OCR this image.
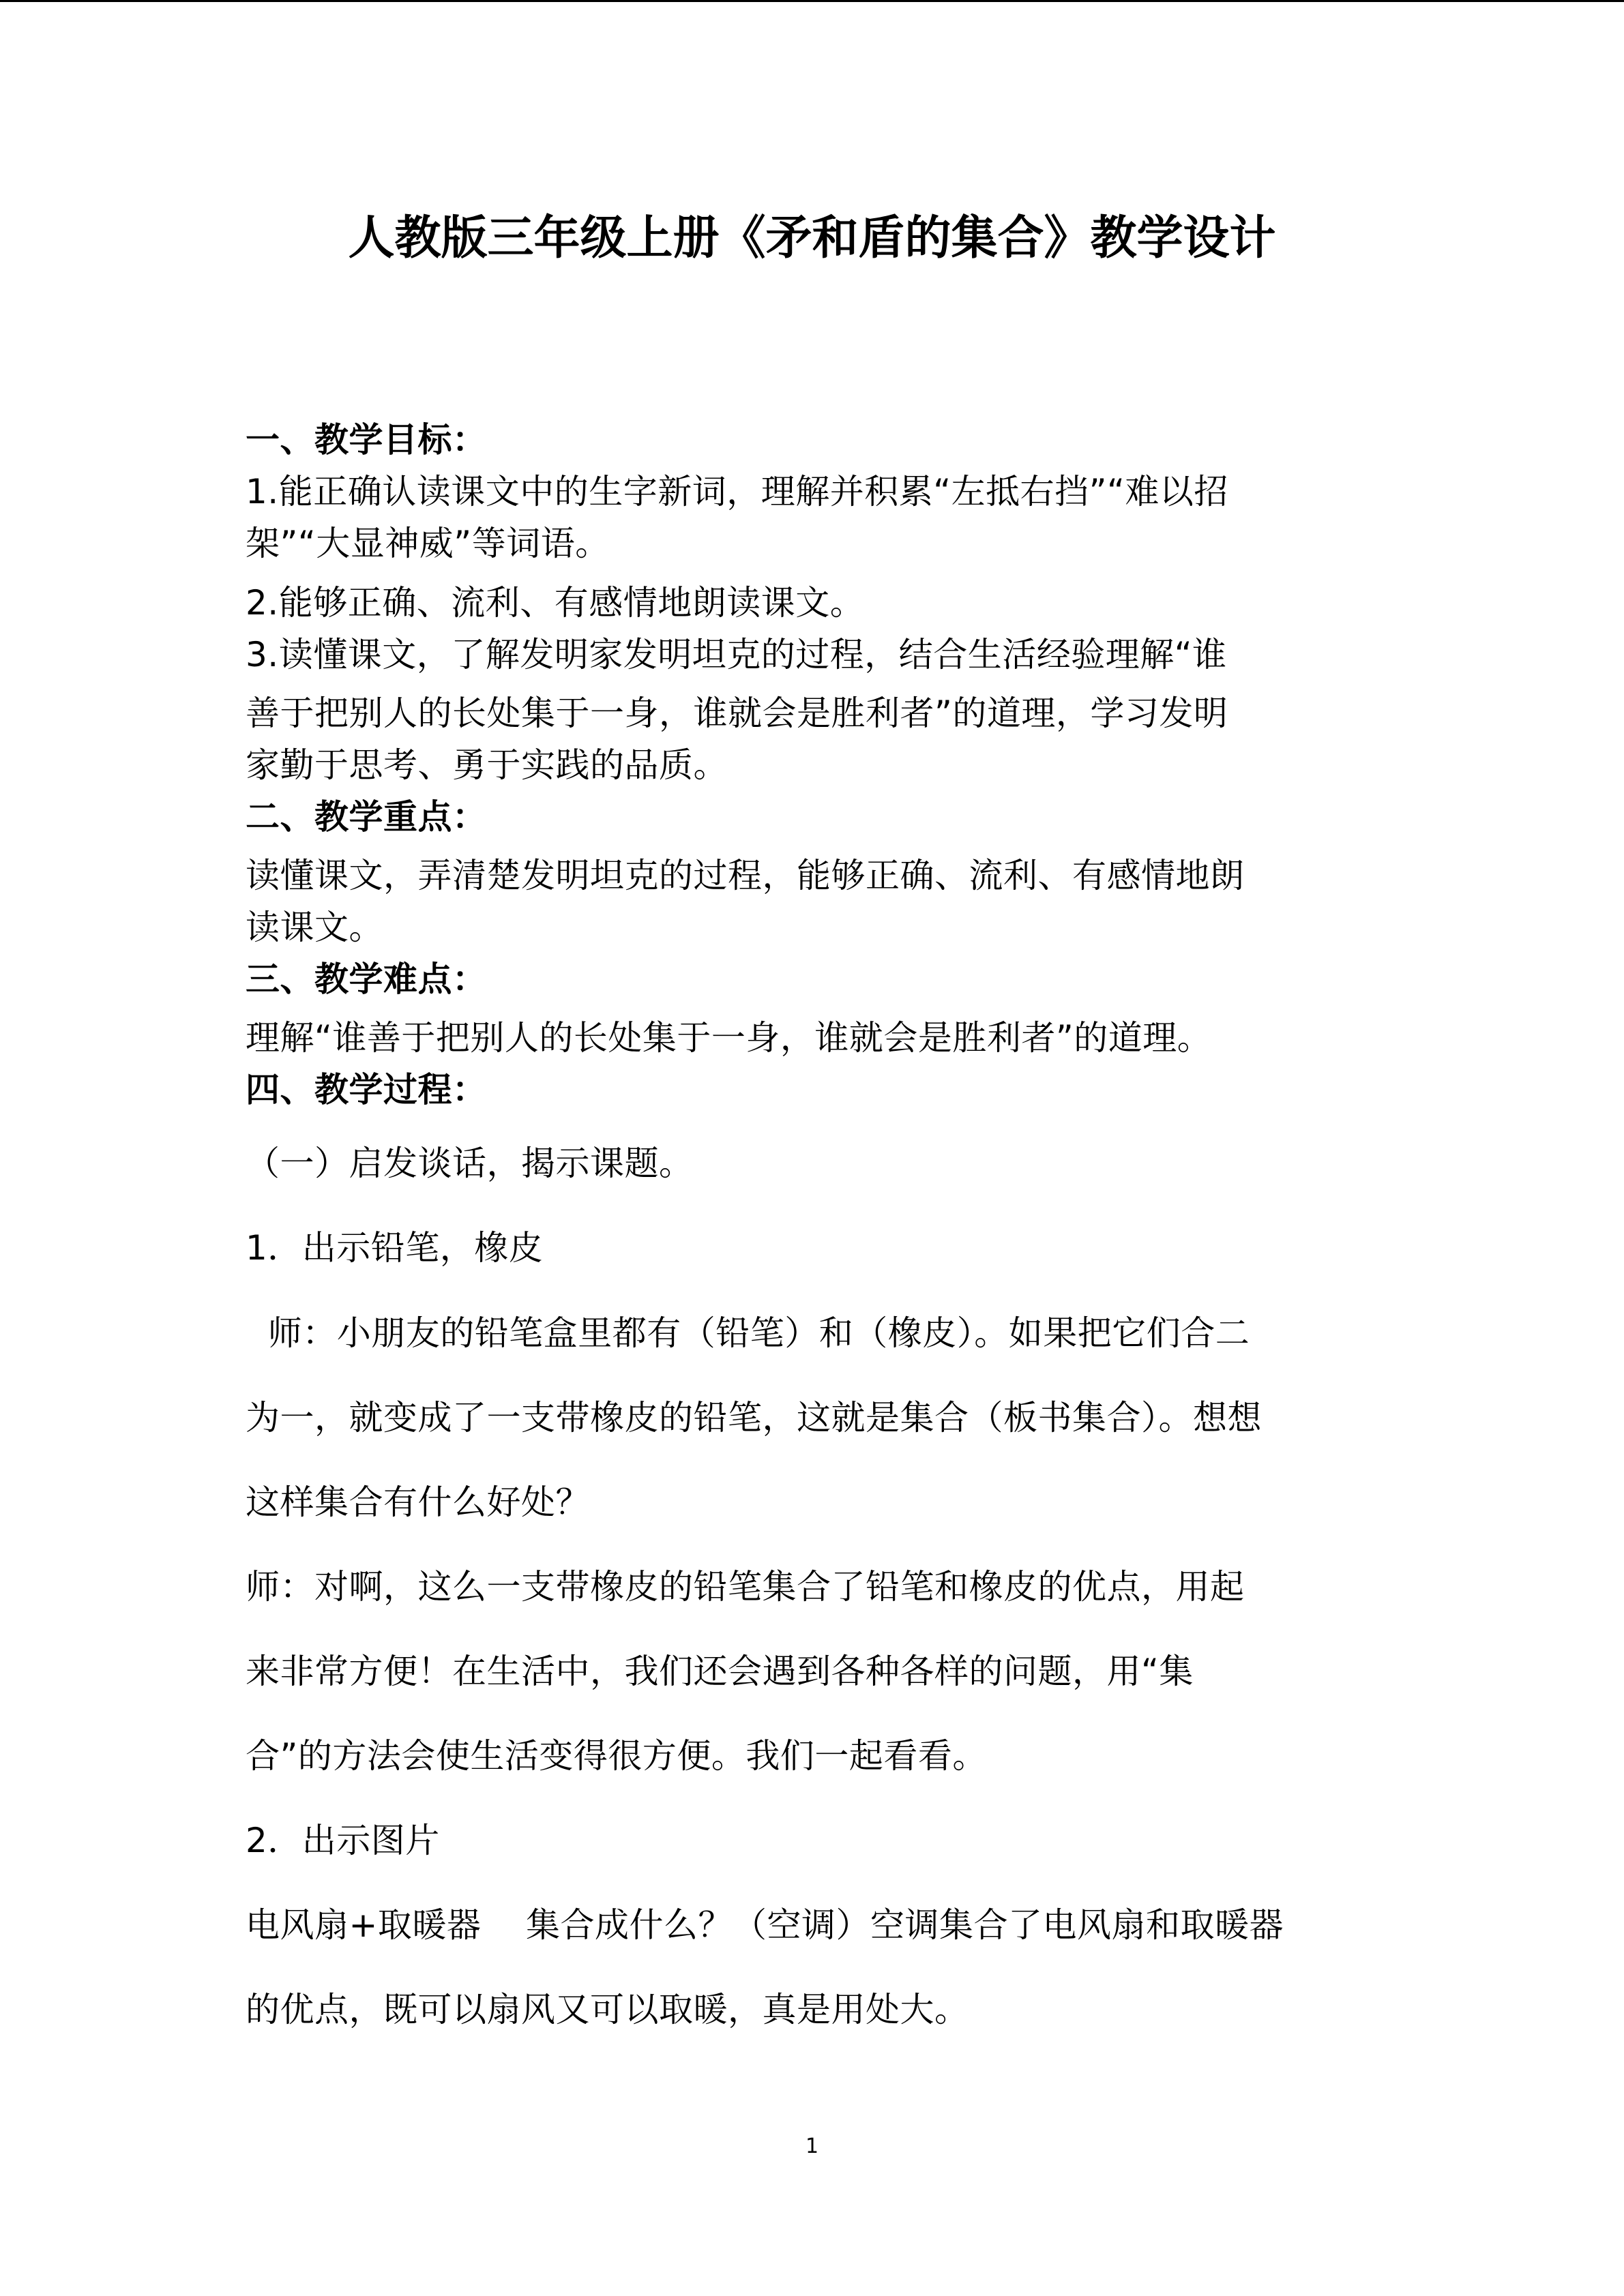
人教版三年级上册《矛和盾的集合》教学设计
一、教学目标：
1.能正确认读课文中的生字新词，理解并积累“左抵右挡”“难以招
架”“大显神威”等词语。
2.能够正确、流利、有感情地朗读课文。
3.读懂课文，了解发明家发明坦克的过程，结合生活经验理解“谁
善于把别人的长处集于一身，谁就会是胜利者”的道理，学习发明
家勤于思考、勇于实践的品质。
二、教学重点：
读懂课文，弄清楚发明坦克的过程，能够正确、流利、有感情地朗
读课文。
三、教学难点：
理解“谁善于把别人的长处集于一身，谁就会是胜利者”的道理。
四、教学过程：
（一）启发谈话，揭示课题。
1．出示铅笔，橡皮
师：小朋友的铅笔盒里都有（铅笔）和（橡皮）。如果把它们合二
为一，就变成了一支带橡皮的铅笔，这就是集合（板书集合）。想想
这样集合有什么好处？
师：对啊，这么一支带橡皮的铅笔集合了铅笔和橡皮的优点，用起
来非常方便！在生活中，我们还会遇到各种各样的问题，用“集
合”的方法会使生活变得很方便。我们一起看看。
2．出示图片
电风扇+取暖器    集合成什么？（空调）空调集合了电风扇和取暖器
的优点，既可以扇风又可以取暖，真是用处大。
1
